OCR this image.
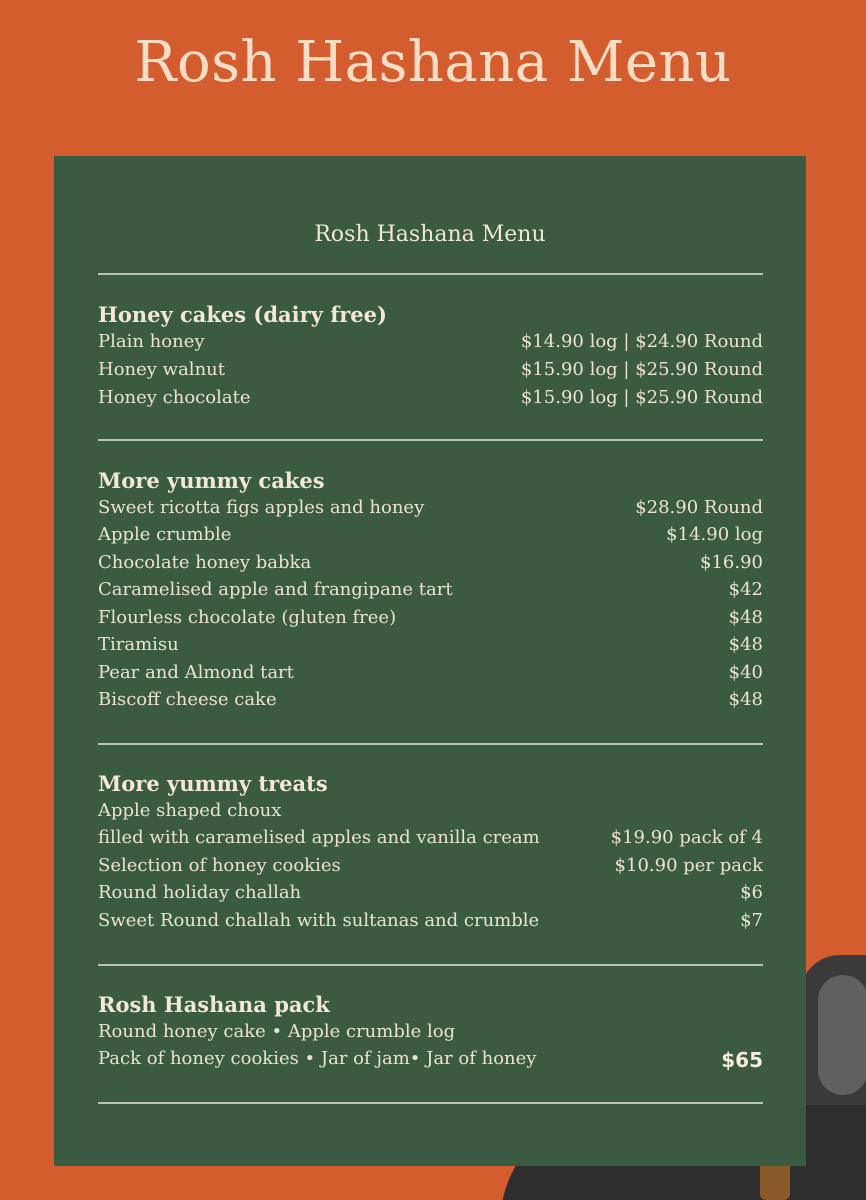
Rosh Hashana Menu
Rosh Hashana Menu
Honey cakes (dairy free)
Plain honey	$14.90 log | $24.90 Round
Honey walnut	$15.90 log | $25.90 Round
Honey chocolate	$15.90 log | $25.90 Round
More yummy cakes
Sweet ricotta figs apples and honey	$28.90 Round
Apple crumble	$14.90 log
Chocolate honey babka	$16.90
Caramelised apple and frangipane tart	$42
Flourless chocolate (gluten free)	$48
Tiramisu	$48
Pear and Almond tart	$40
Biscoff cheese cake	$48
More yummy treats
Apple shaped choux
filled with caramelised apples and vanilla cream	$19.90 pack of 4
Selection of honey cookies	$10.90 per pack
Round holiday challah	$6
Sweet Round challah with sultanas and crumble	$7
Rosh Hashana pack
Round honey cake • Apple crumble log
Pack of honey cookies • Jar of jam• Jar of honey	$65
